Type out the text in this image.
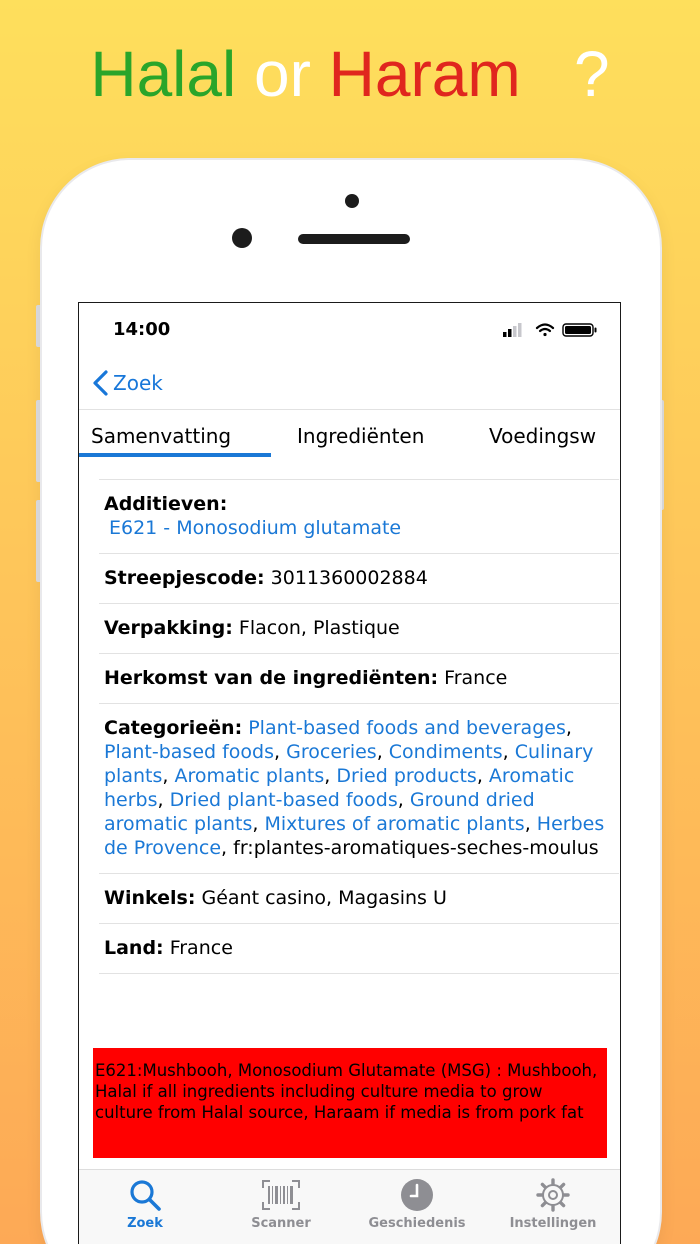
Halal or Haram ?
14:00
Zoek
Samenvatting	Ingrediënten	Voedingsw
Additieven:
E621 - Monosodium glutamate
Streepjescode: 3011360002884
Verpakking: Flacon, Plastique
Herkomst van de ingrediënten: France
Categorieën: Plant-based foods and beverages, Plant-based foods, Groceries, Condiments, Culinary plants, Aromatic plants, Dried products, Aromatic herbs, Dried plant-based foods, Ground dried aromatic plants, Mixtures of aromatic plants, Herbes de Provence, fr:plantes-aromatiques-seches-moulus
Winkels: Géant casino, Magasins U
Land: France
E621:Mushbooh, Monosodium Glutamate (MSG) : Mushbooh, Halal if all ingredients including culture media to grow culture from Halal source, Haraam if media is from pork fat
Zoek	Scanner	Geschiedenis	Instellingen
